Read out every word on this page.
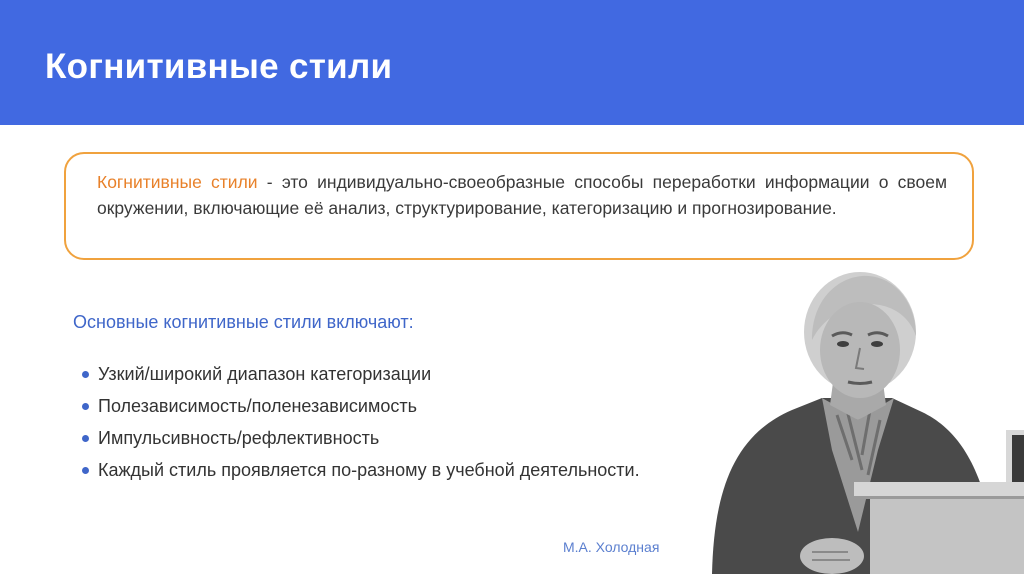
Когнитивные стили
Когнитивные стили - это индивидуально-своеобразные способы переработки информации о своем окружении, включающие её анализ, структурирование, категоризацию и прогнозирование.
Основные когнитивные стили включают:
Узкий/широкий диапазон категоризации
Полезависимость/поленезависимость
Импульсивность/рефлективность
Каждый стиль проявляется по-разному в учебной деятельности.
М.А. Холодная
